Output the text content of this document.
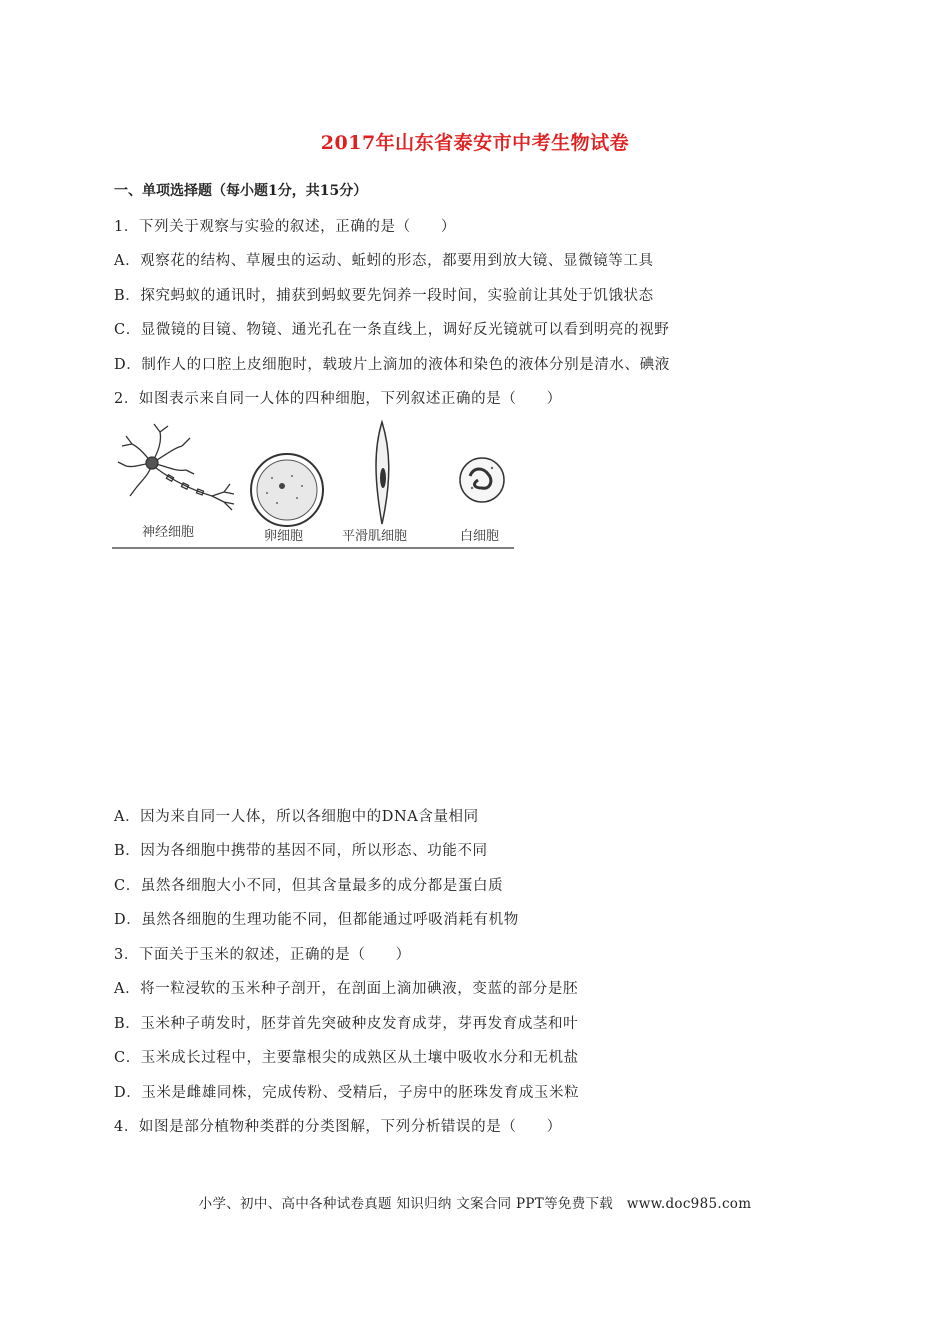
2017年山东省泰安市中考生物试卷
一、单项选择题（每小题1分，共15分）
1．下列关于观察与实验的叙述，正确的是（　　）
A．观察花的结构、草履虫的运动、蚯蚓的形态，都要用到放大镜、显微镜等工具
B．探究蚂蚁的通讯时，捕获到蚂蚁要先饲养一段时间，实验前让其处于饥饿状态
C．显微镜的目镜、物镜、通光孔在一条直线上，调好反光镜就可以看到明亮的视野
D．制作人的口腔上皮细胞时，载玻片上滴加的液体和染色的液体分别是清水、碘液
2．如图表示来自同一人体的四种细胞，下列叙述正确的是（　　）
神经细胞	卵细胞	平滑肌细胞	白细胞
A．因为来自同一人体，所以各细胞中的DNA含量相同
B．因为各细胞中携带的基因不同，所以形态、功能不同
C．虽然各细胞大小不同，但其含量最多的成分都是蛋白质
D．虽然各细胞的生理功能不同，但都能通过呼吸消耗有机物
3．下面关于玉米的叙述，正确的是（　　）
A．将一粒浸软的玉米种子剖开，在剖面上滴加碘液，变蓝的部分是胚
B．玉米种子萌发时，胚芽首先突破种皮发育成芽，芽再发育成茎和叶
C．玉米成长过程中，主要靠根尖的成熟区从土壤中吸收水分和无机盐
D．玉米是雌雄同株，完成传粉、受精后，子房中的胚珠发育成玉米粒
4．如图是部分植物种类群的分类图解，下列分析错误的是（　　）
小学、初中、高中各种试卷真题 知识归纳 文案合同 PPT等免费下载　www.doc985.com
